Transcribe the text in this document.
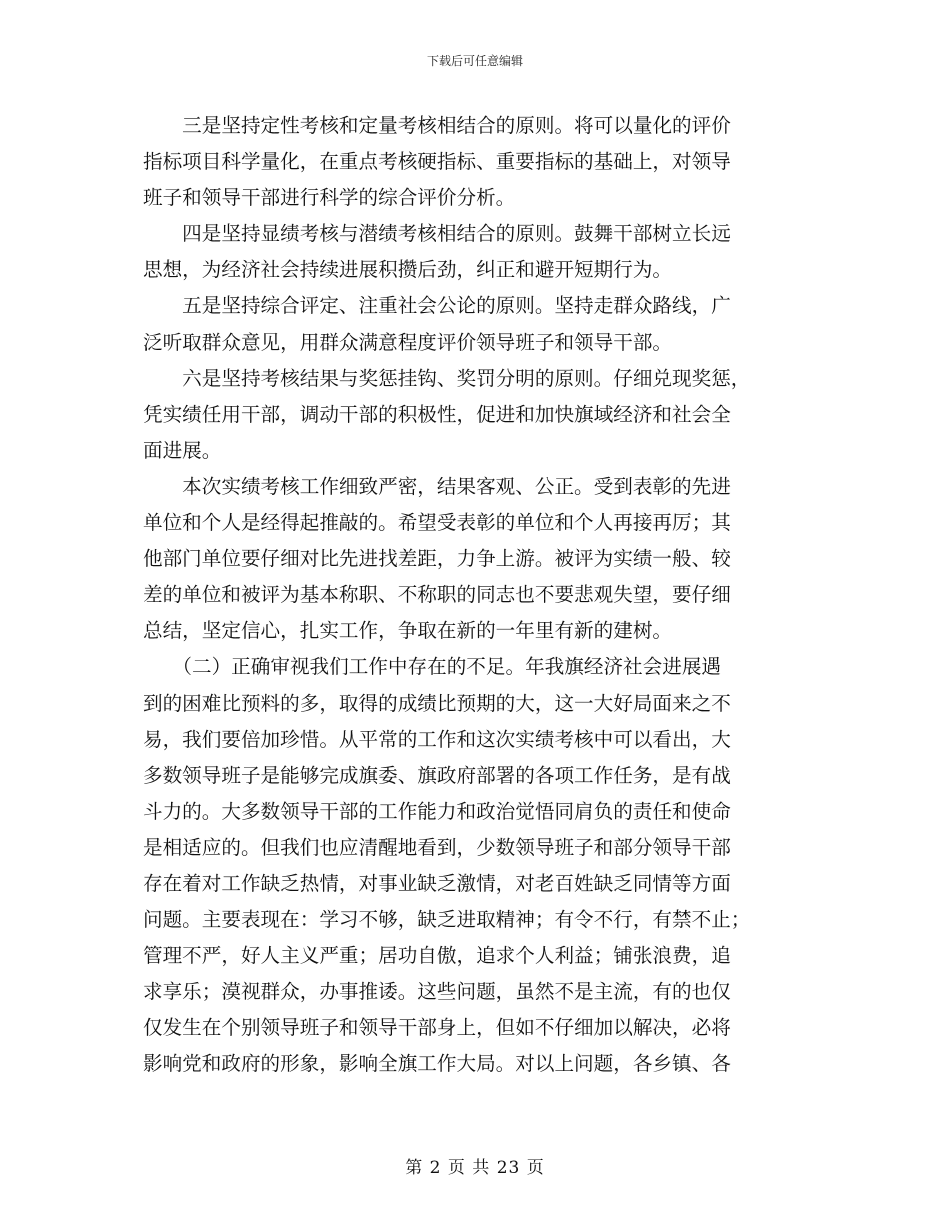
下载后可任意编辑
　　三是坚持定性考核和定量考核相结合的原则。将可以量化的评价
指标项目科学量化，在重点考核硬指标、重要指标的基础上，对领导
班子和领导干部进行科学的综合评价分析。
　　四是坚持显绩考核与潜绩考核相结合的原则。鼓舞干部树立长远
思想，为经济社会持续进展积攒后劲，纠正和避开短期行为。
　　五是坚持综合评定、注重社会公论的原则。坚持走群众路线，广
泛听取群众意见，用群众满意程度评价领导班子和领导干部。
　　六是坚持考核结果与奖惩挂钩、奖罚分明的原则。仔细兑现奖惩，
凭实绩任用干部，调动干部的积极性，促进和加快旗域经济和社会全
面进展。
　　本次实绩考核工作细致严密，结果客观、公正。受到表彰的先进
单位和个人是经得起推敲的。希望受表彰的单位和个人再接再厉；其
他部门单位要仔细对比先进找差距，力争上游。被评为实绩一般、较
差的单位和被评为基本称职、不称职的同志也不要悲观失望，要仔细
总结，坚定信心，扎实工作，争取在新的一年里有新的建树。
　　（二）正确审视我们工作中存在的不足。年我旗经济社会进展遇
到的困难比预料的多，取得的成绩比预期的大，这一大好局面来之不
易，我们要倍加珍惜。从平常的工作和这次实绩考核中可以看出，大
多数领导班子是能够完成旗委、旗政府部署的各项工作任务，是有战
斗力的。大多数领导干部的工作能力和政治觉悟同肩负的责任和使命
是相适应的。但我们也应清醒地看到，少数领导班子和部分领导干部
存在着对工作缺乏热情，对事业缺乏激情，对老百姓缺乏同情等方面
问题。主要表现在：学习不够，缺乏进取精神；有令不行，有禁不止；
管理不严，好人主义严重；居功自傲，追求个人利益；铺张浪费，追
求享乐；漠视群众，办事推诿。这些问题，虽然不是主流，有的也仅
仅发生在个别领导班子和领导干部身上，但如不仔细加以解决，必将
影响党和政府的形象，影响全旗工作大局。对以上问题，各乡镇、各
第 2 页 共 23 页
